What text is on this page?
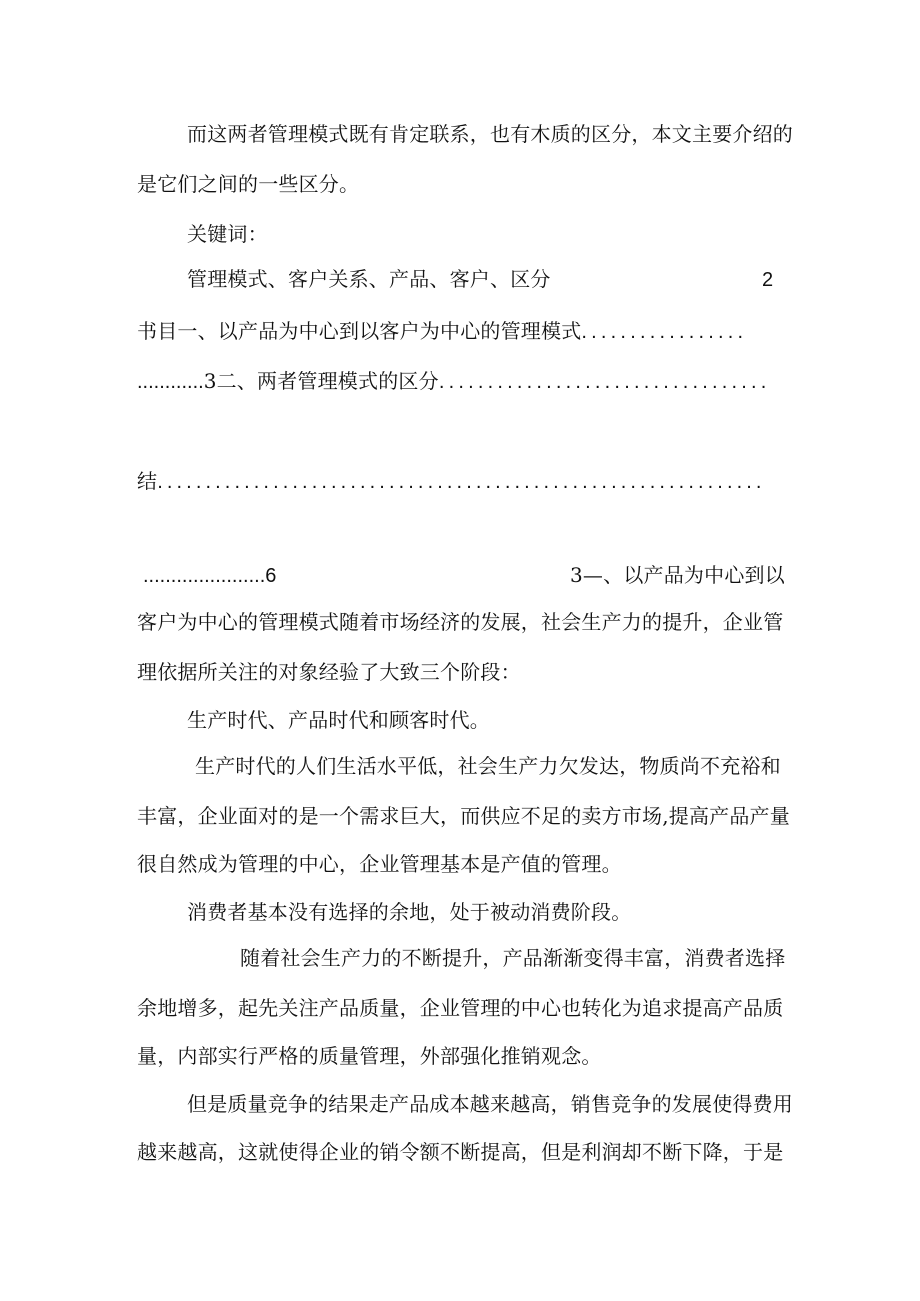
而这两者管理模式既有肯定联系，也有木质的区分，本文主要介绍的
是它们之间的一些区分。
关键词：
管理模式、客户关系、产品、客户、区分	2
书目一、以产品为中心到以客户为中心的管理模式.................
............3二、两者管理模式的区分..................................
结...............................................................
......................6	3—、以产品为中心到以
客户为中心的管理模式随着市场经济的发展，社会生产力的提升，企业管
理依据所关注的对象经验了大致三个阶段：
生产时代、产品时代和顾客时代。
生产时代的人们生活水平低，社会生产力欠发达，物质尚不充裕和
丰富，企业面对的是一个需求巨大，而供应不足的卖方市场,提高产品产量
很自然成为管理的中心，企业管理基本是产值的管理。
消费者基本没有选择的余地，处于被动消费阶段。
随着社会生产力的不断提升，产品渐渐变得丰富，消费者选择
余地增多，起先关注产品质量，企业管理的中心也转化为追求提高产品质
量，内部实行严格的质量管理，外部强化推销观念。
但是质量竞争的结果走产品成本越来越高，销售竞争的发展使得费用
越来越高，这就使得企业的销令额不断提高，但是利润却不断下降，于是
